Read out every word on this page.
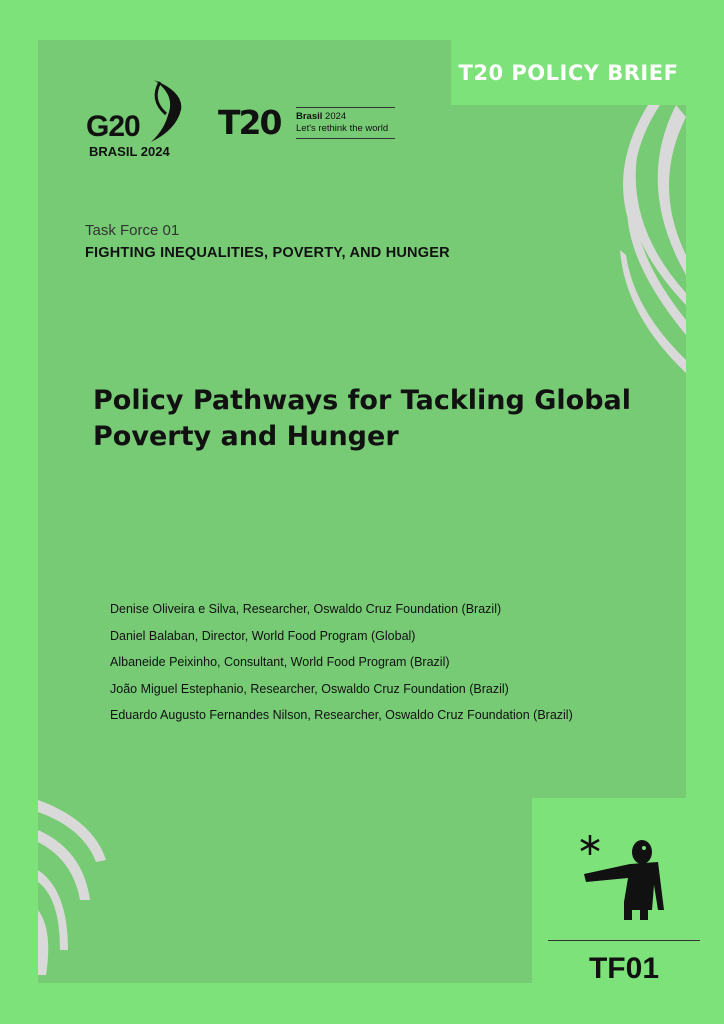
T20 POLICY BRIEF
G20
BRASIL 2024
T20 Brasil 2024
Let's rethink the world
Task Force 01
FIGHTING INEQUALITIES, POVERTY, AND HUNGER
Policy Pathways for Tackling Global
Poverty and Hunger
Denise Oliveira e Silva, Researcher, Oswaldo Cruz Foundation (Brazil)
Daniel Balaban, Director, World Food Program (Global)
Albaneide Peixinho, Consultant, World Food Program (Brazil)
João Miguel Estephanio, Researcher, Oswaldo Cruz Foundation (Brazil)
Eduardo Augusto Fernandes Nilson, Researcher, Oswaldo Cruz Foundation (Brazil)
TF01
